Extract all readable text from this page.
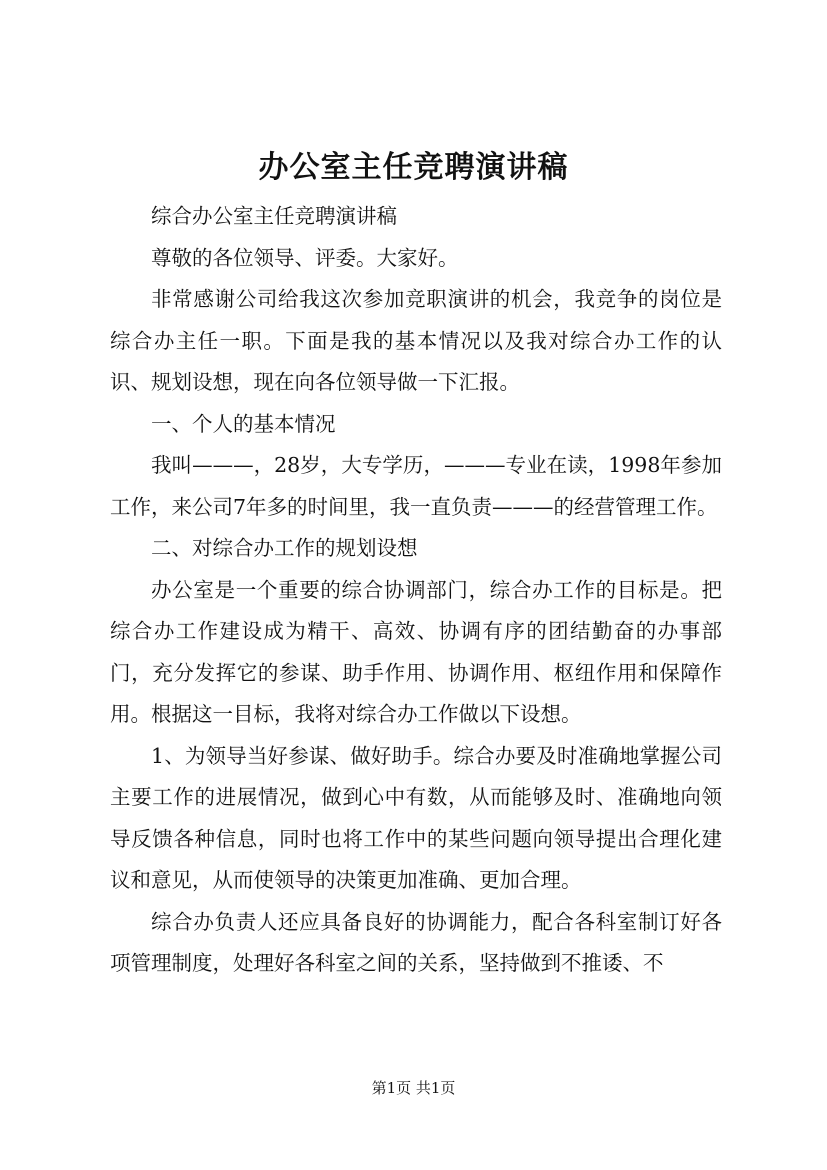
办公室主任竞聘演讲稿

综合办公室主任竞聘演讲稿

尊敬的各位领导、评委。大家好。

非常感谢公司给我这次参加竞职演讲的机会，我竞争的岗位是综合办主任一职。下面是我的基本情况以及我对综合办工作的认识、规划设想，现在向各位领导做一下汇报。

一、个人的基本情况

我叫———，28岁，大专学历，———专业在读，1998年参加工作，来公司7年多的时间里，我一直负责———的经营管理工作。

二、对综合办工作的规划设想

办公室是一个重要的综合协调部门，综合办工作的目标是。把综合办工作建设成为精干、高效、协调有序的团结勤奋的办事部门，充分发挥它的参谋、助手作用、协调作用、枢纽作用和保障作用。根据这一目标，我将对综合办工作做以下设想。

1、为领导当好参谋、做好助手。综合办要及时准确地掌握公司主要工作的进展情况，做到心中有数，从而能够及时、准确地向领导反馈各种信息，同时也将工作中的某些问题向领导提出合理化建议和意见，从而使领导的决策更加准确、更加合理。

综合办负责人还应具备良好的协调能力，配合各科室制订好各项管理制度，处理好各科室之间的关系，坚持做到不推诿、不

第1页 共1页
